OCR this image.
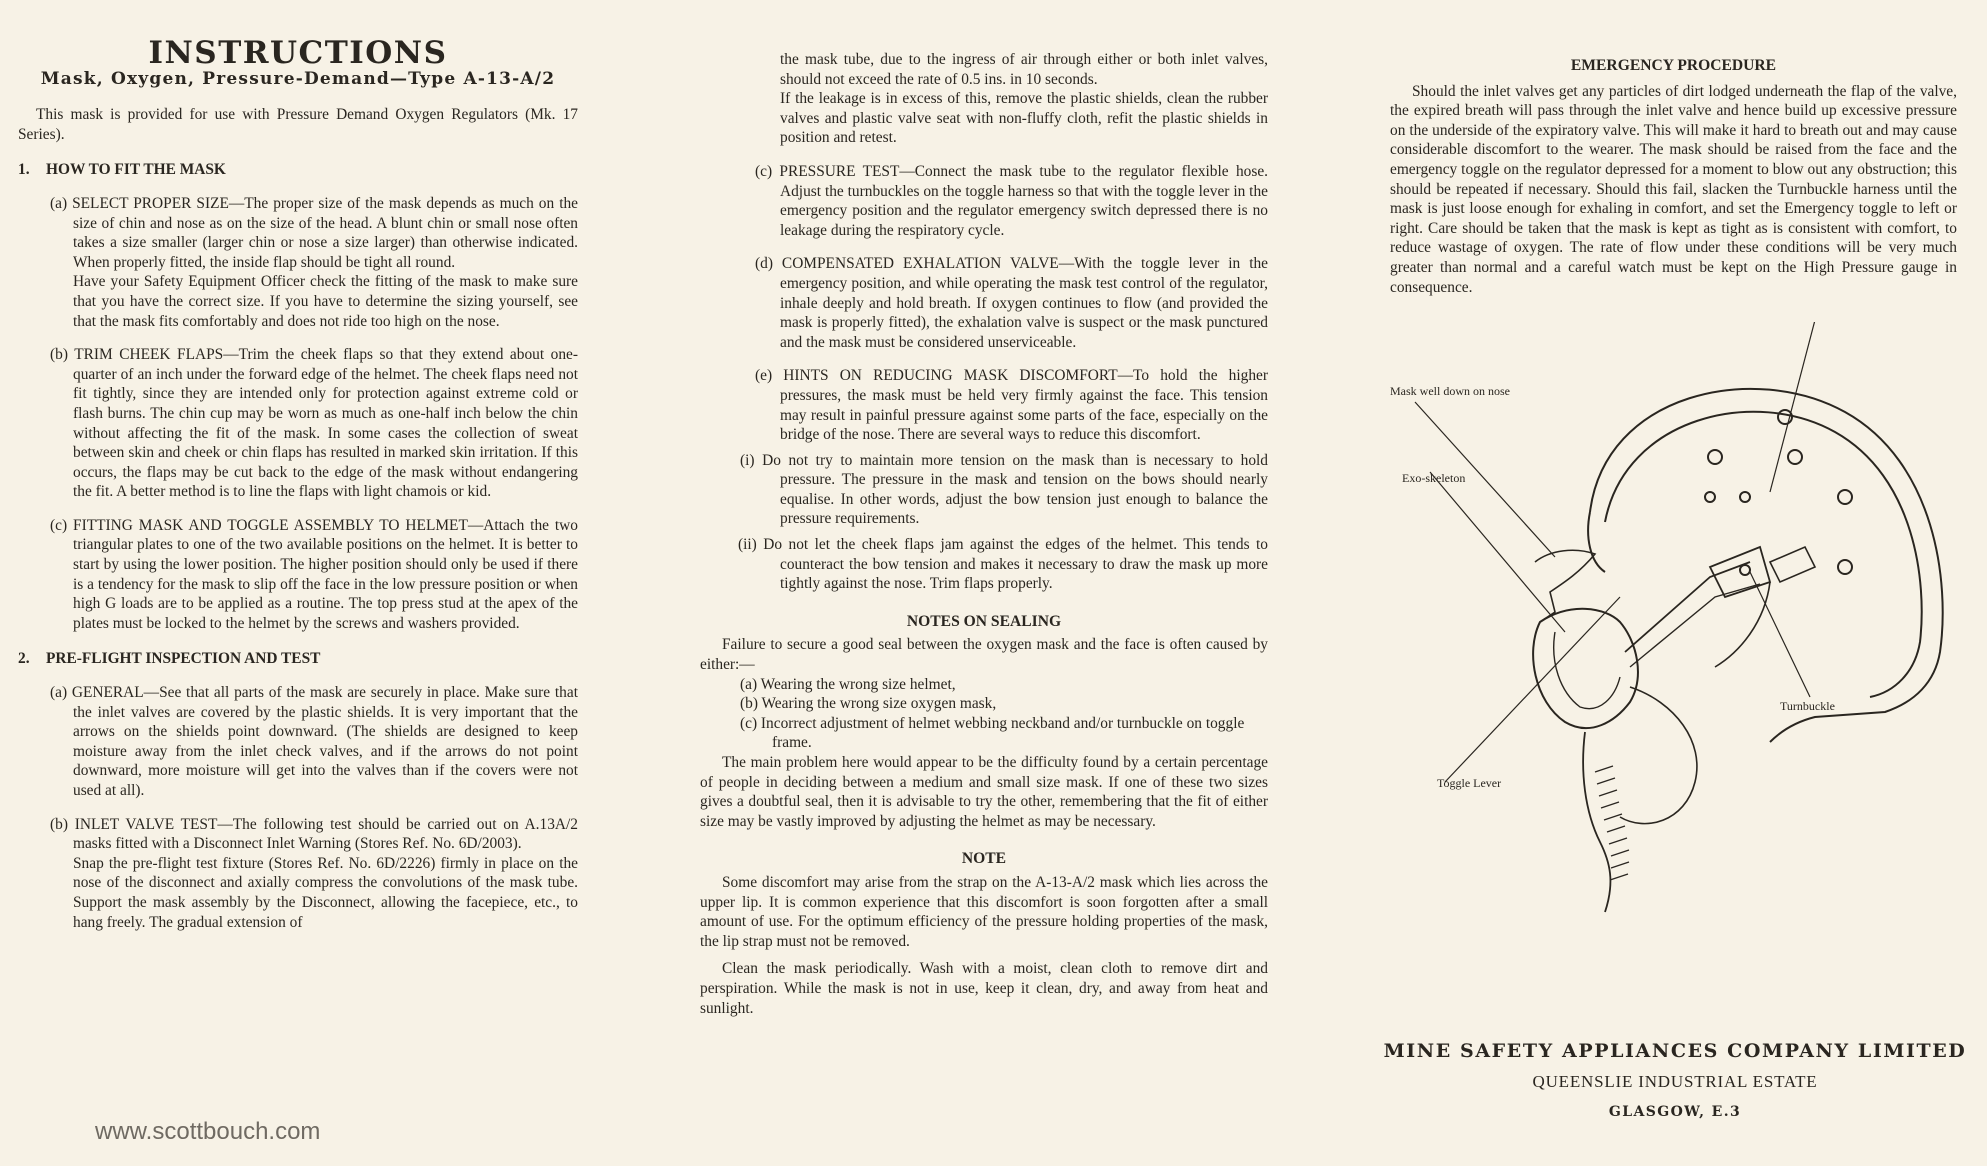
INSTRUCTIONS
Mask, Oxygen, Pressure-Demand—Type A-13-A/2

This mask is provided for use with Pressure Demand Oxygen Regulators (Mk. 17 Series).

1. HOW TO FIT THE MASK
(a) SELECT PROPER SIZE—The proper size of the mask depends as much on the size of chin and nose as on the size of the head. A blunt chin or small nose often takes a size smaller (larger chin or nose a size larger) than otherwise indicated. When properly fitted, the inside flap should be tight all round.

Have your Safety Equipment Officer check the fitting of the mask to make sure that you have the correct size. If you have to determine the sizing yourself, see that the mask fits comfortably and does not ride too high on the nose.

(b) TRIM CHEEK FLAPS—Trim the cheek flaps so that they extend about one-quarter of an inch under the forward edge of the helmet. The cheek flaps need not fit tightly, since they are intended only for protection against extreme cold or flash burns. The chin cup may be worn as much as one-half inch below the chin without affecting the fit of the mask. In some cases the collection of sweat between skin and cheek or chin flaps has resulted in marked skin irritation. If this occurs, the flaps may be cut back to the edge of the mask without endangering the fit. A better method is to line the flaps with light chamois or kid.
(c) FITTING MASK AND TOGGLE ASSEMBLY TO HELMET—Attach the two triangular plates to one of the two available positions on the helmet. It is better to start by using the lower position. The higher position should only be used if there is a tendency for the mask to slip off the face in the low pressure position or when high G loads are to be applied as a routine. The top press stud at the apex of the plates must be locked to the helmet by the screws and washers provided.
2. PRE-FLIGHT INSPECTION AND TEST
(a) GENERAL—See that all parts of the mask are securely in place. Make sure that the inlet valves are covered by the plastic shields. It is very important that the arrows on the shields point downward. (The shields are designed to keep moisture away from the inlet check valves, and if the arrows do not point downward, more moisture will get into the valves than if the covers were not used at all).
(b) INLET VALVE TEST—The following test should be carried out on A.13A/2 masks fitted with a Disconnect Inlet Warning (Stores Ref. No. 6D/2003).

Snap the pre-flight test fixture (Stores Ref. No. 6D/2226) firmly in place on the nose of the disconnect and axially compress the convolutions of the mask tube. Support the mask assembly by the Disconnect, allowing the facepiece, etc., to hang freely. The gradual extension of

the mask tube, due to the ingress of air through either or both inlet valves, should not exceed the rate of 0.5 ins. in 10 seconds.

If the leakage is in excess of this, remove the plastic shields, clean the rubber valves and plastic valve seat with non-fluffy cloth, refit the plastic shields in position and retest.

(c) PRESSURE TEST—Connect the mask tube to the regulator flexible hose. Adjust the turnbuckles on the toggle harness so that with the toggle lever in the emergency position and the regulator emergency switch depressed there is no leakage during the respiratory cycle.
(d) COMPENSATED EXHALATION VALVE—With the toggle lever in the emergency position, and while operating the mask test control of the regulator, inhale deeply and hold breath. If oxygen continues to flow (and provided the mask is properly fitted), the exhalation valve is suspect or the mask punctured and the mask must be considered unserviceable.
(e) HINTS ON REDUCING MASK DISCOMFORT—To hold the higher pressures, the mask must be held very firmly against the face. This tension may result in painful pressure against some parts of the face, especially on the bridge of the nose. There are several ways to reduce this discomfort.
(i) Do not try to maintain more tension on the mask than is necessary to hold pressure. The pressure in the mask and tension on the bows should nearly equalise. In other words, adjust the bow tension just enough to balance the pressure requirements.
(ii) Do not let the cheek flaps jam against the edges of the helmet. This tends to counteract the bow tension and makes it necessary to draw the mask up more tightly against the nose. Trim flaps properly.
NOTES ON SEALING

Failure to secure a good seal between the oxygen mask and the face is often caused by either:—

(a) Wearing the wrong size helmet,
(b) Wearing the wrong size oxygen mask,
(c) Incorrect adjustment of helmet webbing neckband and/or turnbuckle on toggle frame.

The main problem here would appear to be the difficulty found by a certain percentage of people in deciding between a medium and small size mask. If one of these two sizes gives a doubtful seal, then it is advisable to try the other, remembering that the fit of either size may be vastly improved by adjusting the helmet as may be necessary.

NOTE

Some discomfort may arise from the strap on the A-13-A/2 mask which lies across the upper lip. It is common experience that this discomfort is soon forgotten after a small amount of use. For the optimum efficiency of the pressure holding properties of the mask, the lip strap must not be removed.

Clean the mask periodically. Wash with a moist, clean cloth to remove dirt and perspiration. While the mask is not in use, keep it clean, dry, and away from heat and sunlight.

EMERGENCY PROCEDURE

Should the inlet valves get any particles of dirt lodged underneath the flap of the valve, the expired breath will pass through the inlet valve and hence build up excessive pressure on the underside of the expiratory valve. This will make it hard to breath out and may cause considerable discomfort to the wearer. The mask should be raised from the face and the emergency toggle on the regulator depressed for a moment to blow out any obstruction; this should be repeated if necessary. Should this fail, slacken the Turnbuckle harness until the mask is just loose enough for exhaling in comfort, and set the Emergency toggle to left or right. Care should be taken that the mask is kept as tight as is consistent with comfort, to reduce wastage of oxygen. The rate of flow under these conditions will be very much greater than normal and a careful watch must be kept on the High Pressure gauge in consequence.

Mask well down on nose
Exo-skeleton
Turnbuckle
Toggle Lever
MINE SAFETY APPLIANCES COMPANY LIMITED
QUEENSLIE INDUSTRIAL ESTATE
GLASGOW, E.3
www.scottbouch.com
